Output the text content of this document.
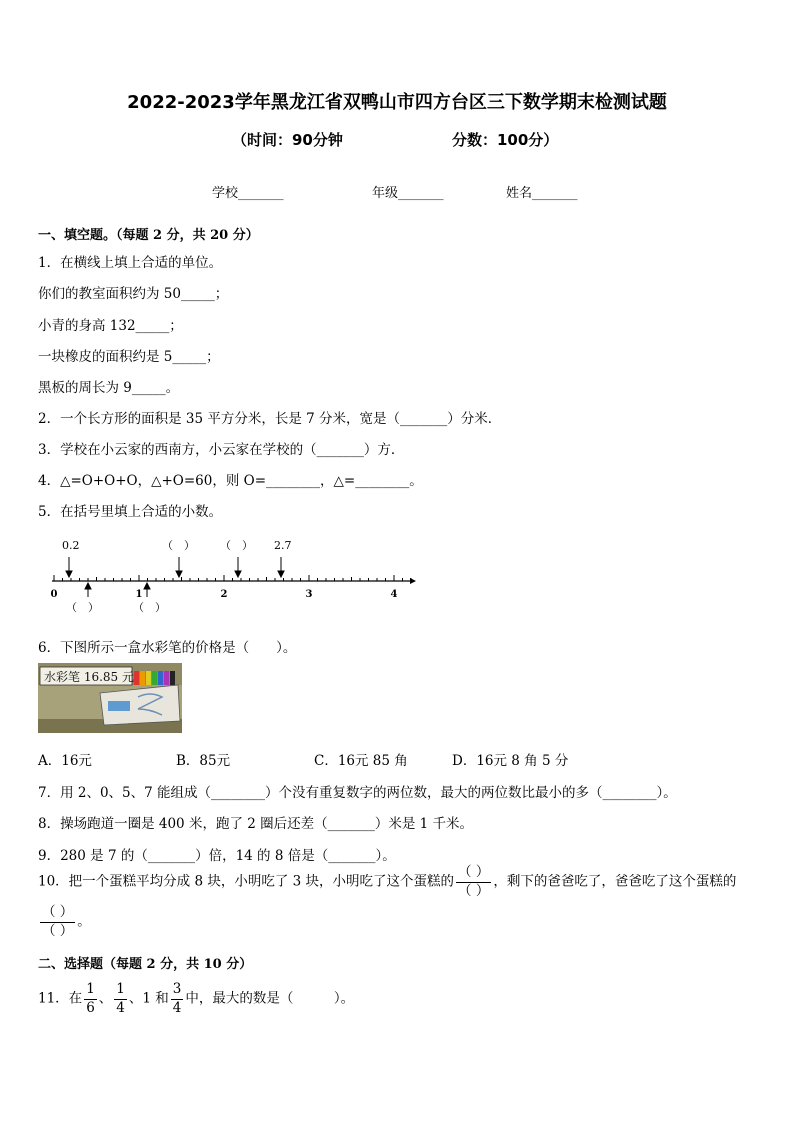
2022-2023学年黑龙江省双鸭山市四方台区三下数学期末检测试题
（时间：90分钟	分数：100分）
学校_______	年级_______	姓名_______
一、填空题。（每题 2 分，共 20 分）
1．在横线上填上合适的单位。
你们的教室面积约为 50_____；
小青的身高 132_____；
一块橡皮的面积约是 5_____；
黑板的周长为 9_____。
2．一个长方形的面积是 35 平方分米，长是 7 分米，宽是（_______）分米．
3．学校在小云家的西南方，小云家在学校的（_______）方．
4．△=O+O+O，△+O=60，则 O=________，△=________。
5．在括号里填上合适的小数。
0.2	（　） （　） 2.7
0	1	2	3	4
（　）	（　）
6．下图所示一盒水彩笔的价格是（　　）。
水彩笔 16.85 元
A．16元	B．85元	C．16元 85 角	D．16元 8 角 5 分
7．用 2、0、5、7 能组成（________）个没有重复数字的两位数，最大的两位数比最小的多（________）。
8．操场跑道一圈是 400 米，跑了 2 圈后还差（_______）米是 1 千米。
9．280 是 7 的（_______）倍，14 的 8 倍是（_______）。
10．把一个蛋糕平均分成 8 块，小明吃了 3 块，小明吃了这个蛋糕的 $\frac{( )}{( )}$ ，剩下的爸爸吃了，爸爸吃了这个蛋糕的
$\frac{( )}{( )}$ 。
二、选择题（每题 2 分，共 10 分）
11．在 $\frac{1}{6}$ 、 $\frac{1}{4}$ 、1 和 $\frac{3}{4}$ 中，最大的数是（　　　）。
